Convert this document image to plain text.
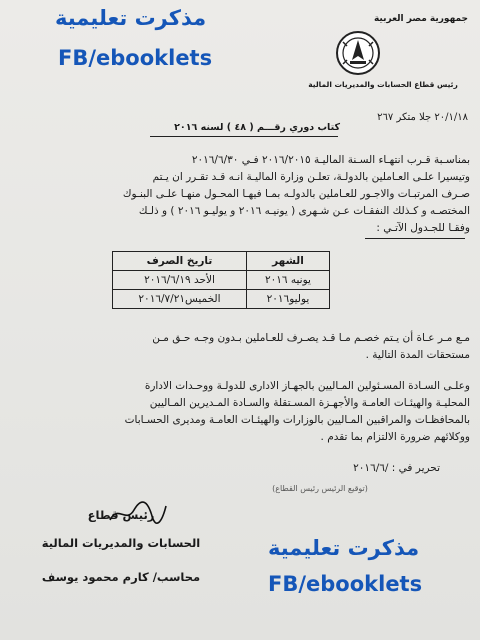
مذكرت تعليمية
FB/ebooklets
جمهورية مصر العربية
رئيس قطاع الحسابات والمديريات المالية
٢٠/١/١٨ جلا متكر ٢٦٧
كتاب دوري رقـــم ( ٤٨ ) لسنه ٢٠١٦
بمناسـبة قـرب انتهـاء السـنة الماليـة ٢٠١٦/٢٠١٥ فـي ٢٠١٦/٦/٣٠
وتيسيرا علـى العـاملين بالدولـة، تعلـن وزارة الماليـة انـه قـد تقـرر ان يـتم
صـرف المرتبـات والاجـور للعـاملين بالدولـه بمـا فيهـا المحـول منهـا علـى البنـوك
المختصـه و كـذلك النفقـات عـن شـهرى ( يونيـه ٢٠١٦ و يوليـو ٢٠١٦ ) و ذلـك
وفقـا للجـدول الآتـي :
الشهر	تاريخ الصرف
يونيه ٢٠١٦	الأحد ٢٠١٦/٦/١٩
يوليو٢٠١٦	الخميس٢٠١٦/٧/٢١
مـع مـر عـاة أن يـتم خصـم مـا قـد يصـرف للعـاملين بـدون وجـه حـق مـن
مستحقات المدة التالية .
وعلـى السـادة المسـئولين المـاليين بالجهـاز الادارى للدولـة ووحـدات الادارة
المحليـة والهيئـات العامـة والأجهـزة المسـتقلة والسـادة المـديرين المـاليين
بالمحافظـات والمراقبين المـاليين بالوزارات والهيئـات العامـة ومديرى الحسـابات
ووكلائهم ضرورة الالتزام بما تقدم .
تحرير في : /٢٠١٦/٦
(توقيع الرئيس رئيس القطاع)
رئيس قطاع
الحسابات والمديريات المالية
محاسب/ كارم محمود يوسف
مذكرت تعليمية
FB/ebooklets
